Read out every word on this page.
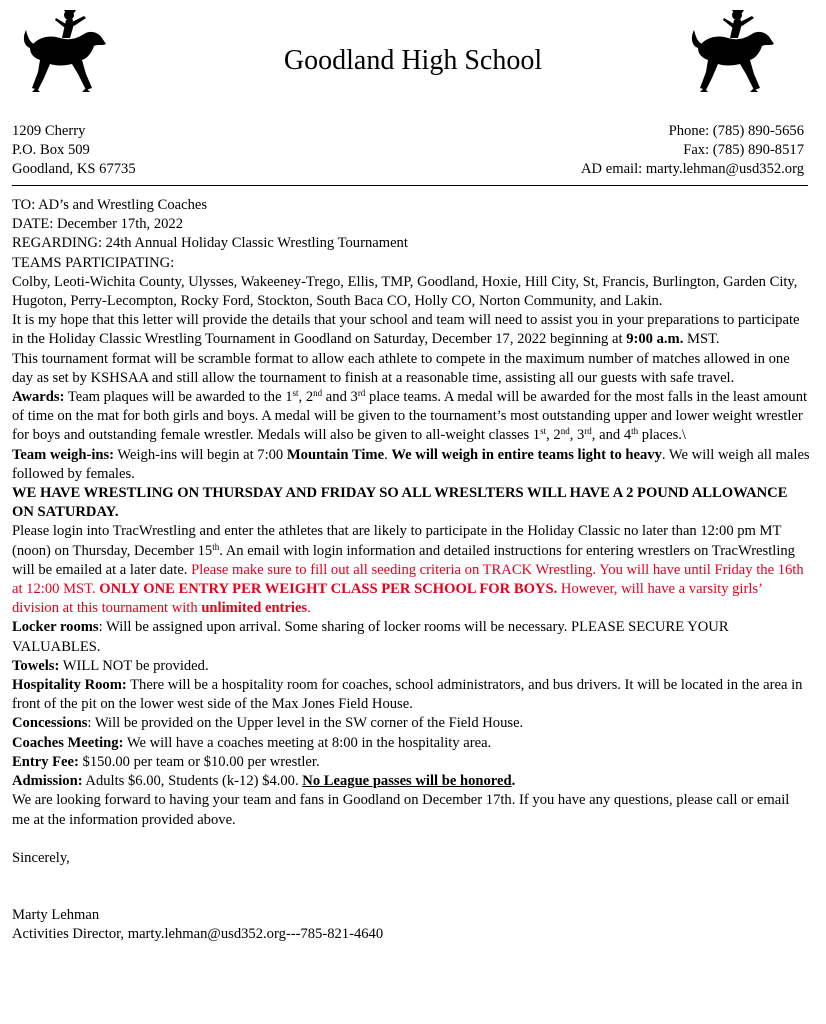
Goodland High School
1209 Cherry
P.O. Box 509
Goodland, KS 67735
Phone: (785) 890-5656
Fax: (785) 890-8517
AD email: marty.lehman@usd352.org

TO: AD’s and Wrestling Coaches

DATE: December 17th, 2022

REGARDING: 24th Annual Holiday Classic Wrestling Tournament

TEAMS PARTICIPATING:

Colby, Leoti-Wichita County, Ulysses, Wakeeney-Trego, Ellis, TMP, Goodland, Hoxie, Hill City, St, Francis, Burlington, Garden City, Hugoton, Perry-Lecompton, Rocky Ford, Stockton, South Baca CO, Holly CO, Norton Community, and Lakin.

It is my hope that this letter will provide the details that your school and team will need to assist you in your preparations to participate in the Holiday Classic Wrestling Tournament in Goodland on Saturday, December 17, 2022 beginning at 9:00 a.m. MST.

This tournament format will be scramble format to allow each athlete to compete in the maximum number of matches allowed in one day as set by KSHSAA and still allow the tournament to finish at a reasonable time, assisting all our guests with safe travel.

Awards: Team plaques will be awarded to the 1st, 2nd and 3rd place teams. A medal will be awarded for the most falls in the least amount of time on the mat for both girls and boys. A medal will be given to the tournament’s most outstanding upper and lower weight wrestler for boys and outstanding female wrestler. Medals will also be given to all-weight classes 1st, 2nd, 3rd, and 4th places.\

Team weigh-ins: Weigh-ins will begin at 7:00 Mountain Time. We will weigh in entire teams light to heavy. We will weigh all males followed by females.

WE HAVE WRESTLING ON THURSDAY AND FRIDAY SO ALL WRESLTERS WILL HAVE A 2 POUND ALLOWANCE ON SATURDAY.

Please login into TracWrestling and enter the athletes that are likely to participate in the Holiday Classic no later than 12:00 pm MT (noon) on Thursday, December 15th. An email with login information and detailed instructions for entering wrestlers on TracWrestling will be emailed at a later date. Please make sure to fill out all seeding criteria on TRACK Wrestling. You will have until Friday the 16th at 12:00 MST. ONLY ONE ENTRY PER WEIGHT CLASS PER SCHOOL FOR BOYS. However, will have a varsity girls’ division at this tournament with unlimited entries.

Locker rooms: Will be assigned upon arrival. Some sharing of locker rooms will be necessary. PLEASE SECURE YOUR VALUABLES.

Towels: WILL NOT be provided.

Hospitality Room: There will be a hospitality room for coaches, school administrators, and bus drivers. It will be located in the area in front of the pit on the lower west side of the Max Jones Field House.

Concessions: Will be provided on the Upper level in the SW corner of the Field House.

Coaches Meeting: We will have a coaches meeting at 8:00 in the hospitality area.

Entry Fee: $150.00 per team or $10.00 per wrestler.

Admission: Adults $6.00, Students (k-12) $4.00. No League passes will be honored.

We are looking forward to having your team and fans in Goodland on December 17th. If you have any questions, please call or email me at the information provided above.

Sincerely,

Marty Lehman

Activities Director, marty.lehman@usd352.org---785-821-4640
